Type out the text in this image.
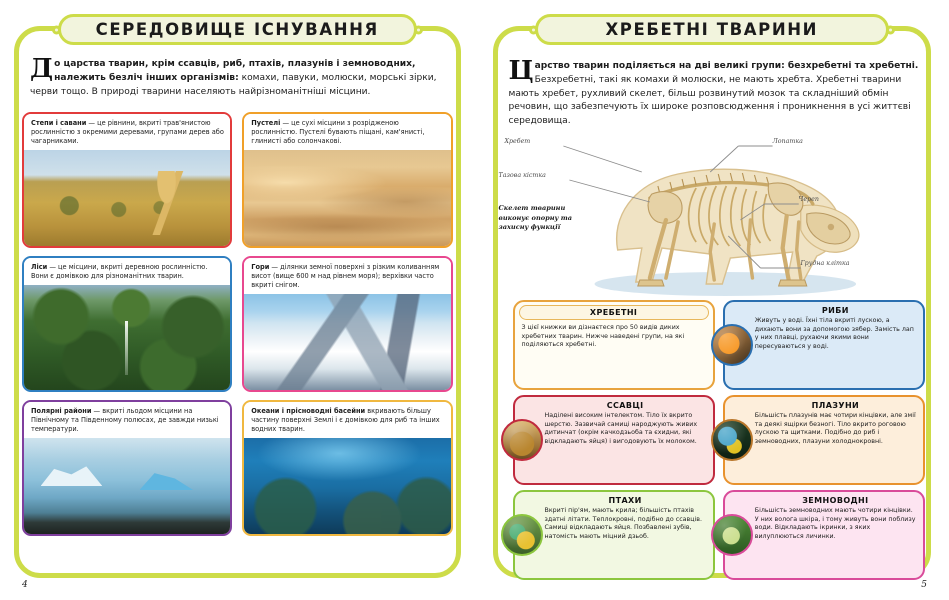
СЕРЕДОВИЩЕ ІСНУВАННЯ
До царства тварин, крім ссавців, риб, птахів, плазунів і земноводних, належить безліч інших організмів: комахи, павуки, молюски, морські зірки, черви тощо. В природі тварини населяють найрізноманітніші місцини.
Степи і савани — це рівнини, вкриті трав'янистою рослинністю з окремими деревами, групами дерев або чагарниками.
Пустелі — це сухі місцини з розрідженою рослинністю. Пустелі бувають піщані, кам'янисті, глинисті або солончакові.
Ліси — це місцини, вкриті деревною рослинністю. Вони є домівкою для різноманітних тварин.
Гори — ділянки земної поверхні з різким коливанням висот (вище 600 м над рівнем моря); верхівки часто вкриті снігом.
Полярні райони — вкриті льодом місцини на Північному та Південному полюсах, де завжди низькі температури.
Океани і прісноводні басейни вкривають більшу частину поверхні Землі і є домівкою для риб та інших водних тварин.
4
ХРЕБЕТНІ ТВАРИНИ
Царство тварин поділяється на дві великі групи: безхребетні та хребетні. Безхребетні, такі як комахи й молюски, не мають хребта. Хребетні тварини мають хребет, рухливий скелет, більш розвинутий мозок та складніший обмін речовин, що забезпечують їх широке розповсюдження і проникнення в усі життєві середовища.
Хребет	Лопатка
Тазова кістка
Череп
Грудна клітка
Скелет тварини виконує опорну та захисну функції
ХРЕБЕТНІ
З цієї книжки ви дізнаєтеся про 50 видів диких хребетних тварин. Нижче наведені групи, на які поділяються хребетні.
РИБИ
Живуть у воді. Їхні тіла вкриті лускою, а дихають вони за допомогою зябер. Замість лап у них плавці, рухаючи якими вони пересуваються у воді.
ССАВЦІ
Наділені високим інтелектом. Тіло їх вкрито шерстю. Зазвичай самиці народжують живих дитинчат (окрім качкодзьоба та єхидни, які відкладають яйця) і вигодовують їх молоком.
ПЛАЗУНИ
Більшість плазунів має чотири кінцівки, але змії та деякі ящірки безногі. Тіло вкрито роговою лускою та щитками. Подібно до риб і земноводних, плазуни холоднокровні.
ПТАХИ
Вкриті пір'ям, мають крила; більшість птахів здатні літати. Теплокровні, подібно до ссавців. Самиці відкладають яйця. Позбавлені зубів, натомість мають міцний дзьоб.
ЗЕМНОВОДНІ
Більшість земноводних мають чотири кінцівки. У них волога шкіра, і тому живуть вони поблизу води. Відкладають ікринки, з яких вилуплюються личинки.
5
